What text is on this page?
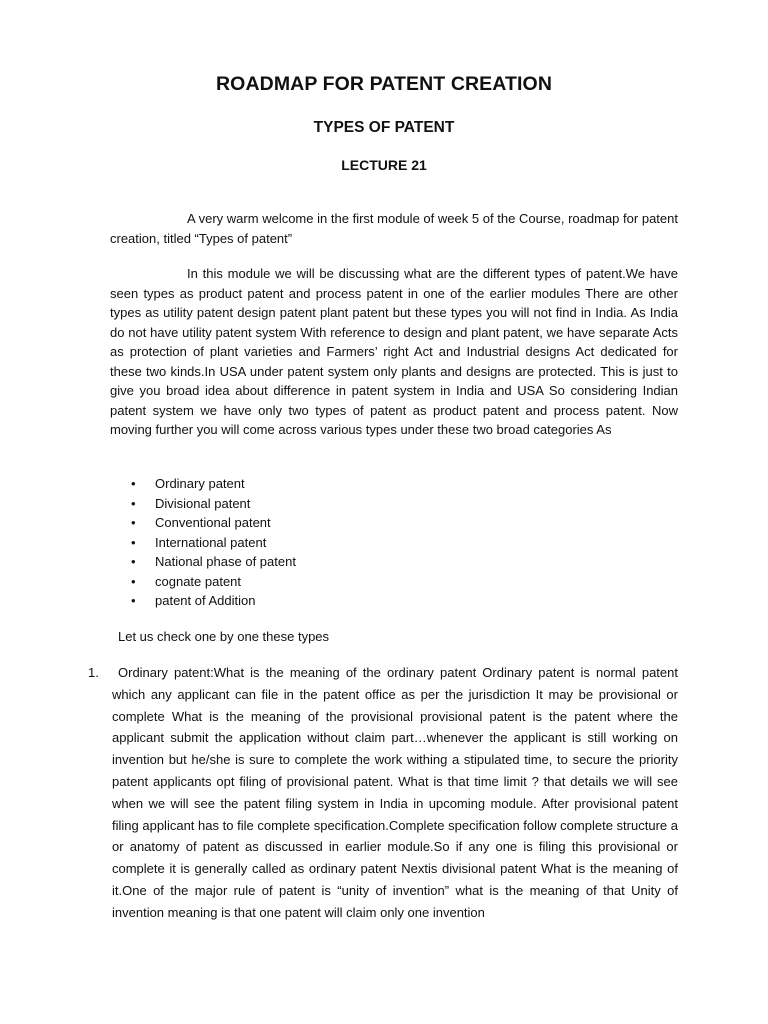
ROADMAP FOR PATENT CREATION
TYPES OF PATENT
LECTURE 21

A very warm welcome in the first module of week 5 of the Course, roadmap for patent creation, titled “Types of patent”

In this module we will be discussing what are the different types of patent.We have seen types as product patent and process patent in one of the earlier modules There are other types as utility patent design patent plant patent but these types you will not find in India. As India do not have utility patent system With reference to design and plant patent, we have separate Acts as protection of plant varieties and Farmers’ right Act and Industrial designs Act dedicated for these two kinds.In USA under patent system only plants and designs are protected. This is just to give you broad idea about difference in patent system in India and USA So considering Indian patent system we have only two types of patent as product patent and process patent. Now moving further you will come across various types under these two broad categories As

• Ordinary patent
• Divisional patent
• Conventional patent
• International patent
• National phase of patent
• cognate patent
• patent of Addition

Let us check one by one these types

1.	Ordinary patent:What is the meaning of the ordinary patent Ordinary patent is normal patent which any applicant can file in the patent office as per the jurisdiction It may be provisional or complete What is the meaning of the provisional provisional patent is the patent where the applicant submit the application without claim part…whenever the applicant is still working on invention but he/she is sure to complete the work withing a stipulated time, to secure the priority patent applicants opt filing of provisional patent. What is that time limit ? that details we will see when we will see the patent filing system in India in upcoming module. After provisional patent filing applicant has to file complete specification.Complete specification follow complete structure a or anatomy of patent as discussed in earlier module.So if any one is filing this provisional or complete it is generally called as ordinary patent Nextis divisional patent What is the meaning of it.One of the major rule of patent is “unity of invention” what is the meaning of that Unity of invention meaning is that one patent will claim only one invention
